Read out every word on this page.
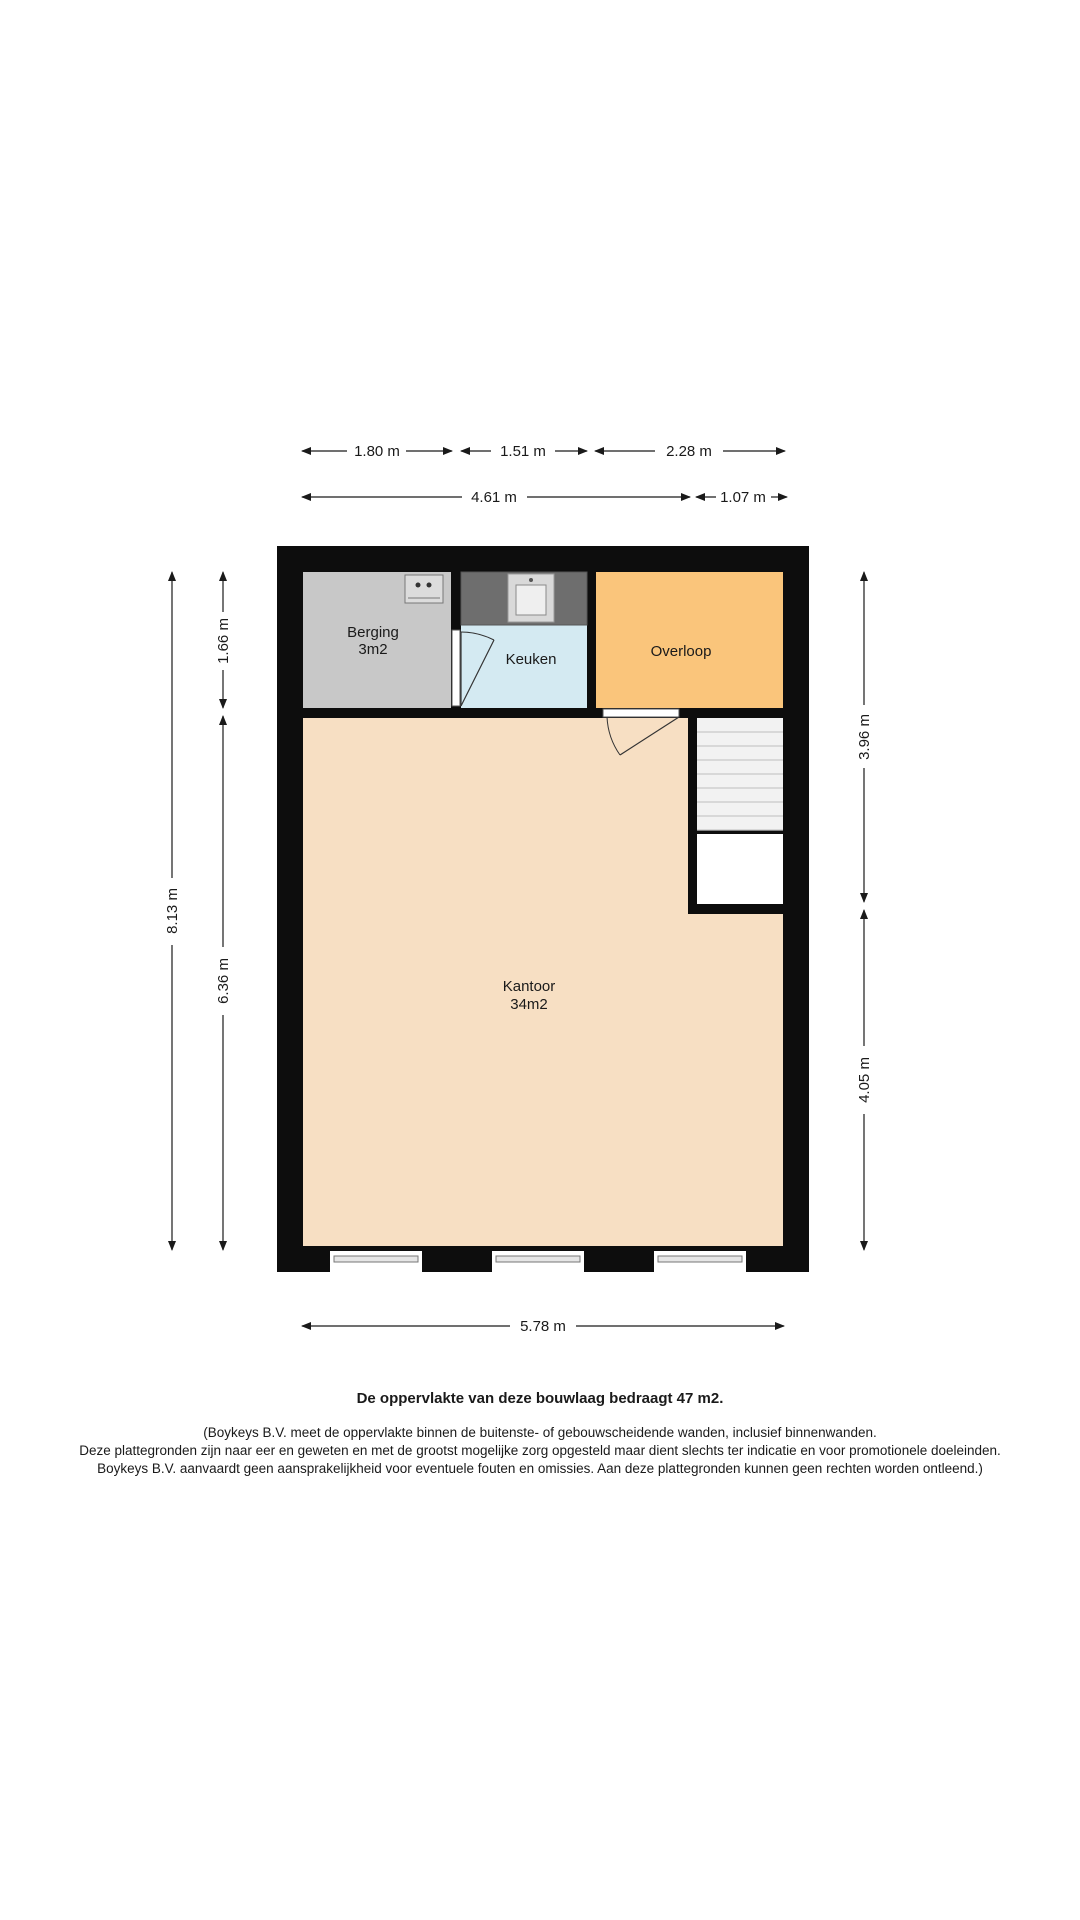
1.80 m	1.51 m	2.28 m
4.61 m	1.07 m
8.13 m
1.66 m
6.36 m
3.96 m
4.05 m
5.78 m
Berging
3m2
Keuken	Overloop
Kantoor
34m2
De oppervlakte van deze bouwlaag bedraagt 47 m2.
(Boykeys B.V. meet de oppervlakte binnen de buitenste- of gebouwscheidende wanden, inclusief binnenwanden.
Deze plattegronden zijn naar eer en geweten en met de grootst mogelijke zorg opgesteld maar dient slechts ter indicatie en voor promotionele doeleinden.
Boykeys B.V. aanvaardt geen aansprakelijkheid voor eventuele fouten en omissies. Aan deze plattegronden kunnen geen rechten worden ontleend.)
